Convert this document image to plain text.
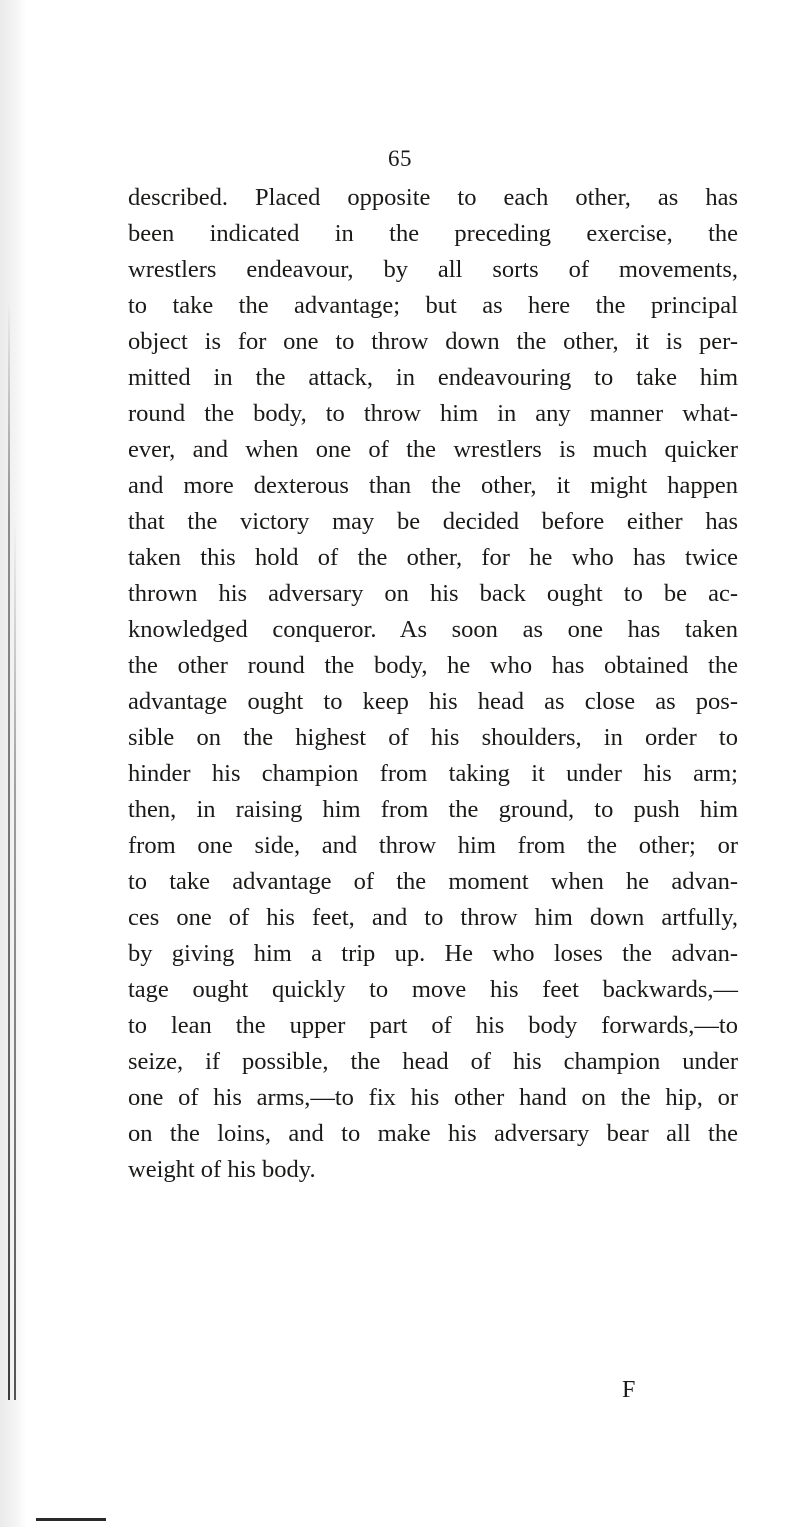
65
described. Placed opposite to each other, as has
been indicated in the preceding exercise, the
wrestlers endeavour, by all sorts of movements,
to take the advantage; but as here the principal
object is for one to throw down the other, it is per-
mitted in the attack, in endeavouring to take him
round the body, to throw him in any manner what-
ever, and when one of the wrestlers is much quicker
and more dexterous than the other, it might happen
that the victory may be decided before either has
taken this hold of the other, for he who has twice
thrown his adversary on his back ought to be ac-
knowledged conqueror. As soon as one has taken
the other round the body, he who has obtained the
advantage ought to keep his head as close as pos-
sible on the highest of his shoulders, in order to
hinder his champion from taking it under his arm;
then, in raising him from the ground, to push him
from one side, and throw him from the other; or
to take advantage of the moment when he advan-
ces one of his feet, and to throw him down artfully,
by giving him a trip up. He who loses the advan-
tage ought quickly to move his feet backwards,—
to lean the upper part of his body forwards,—to
seize, if possible, the head of his champion under
one of his arms,—to fix his other hand on the hip, or
on the loins, and to make his adversary bear all the
weight of his body.
F
